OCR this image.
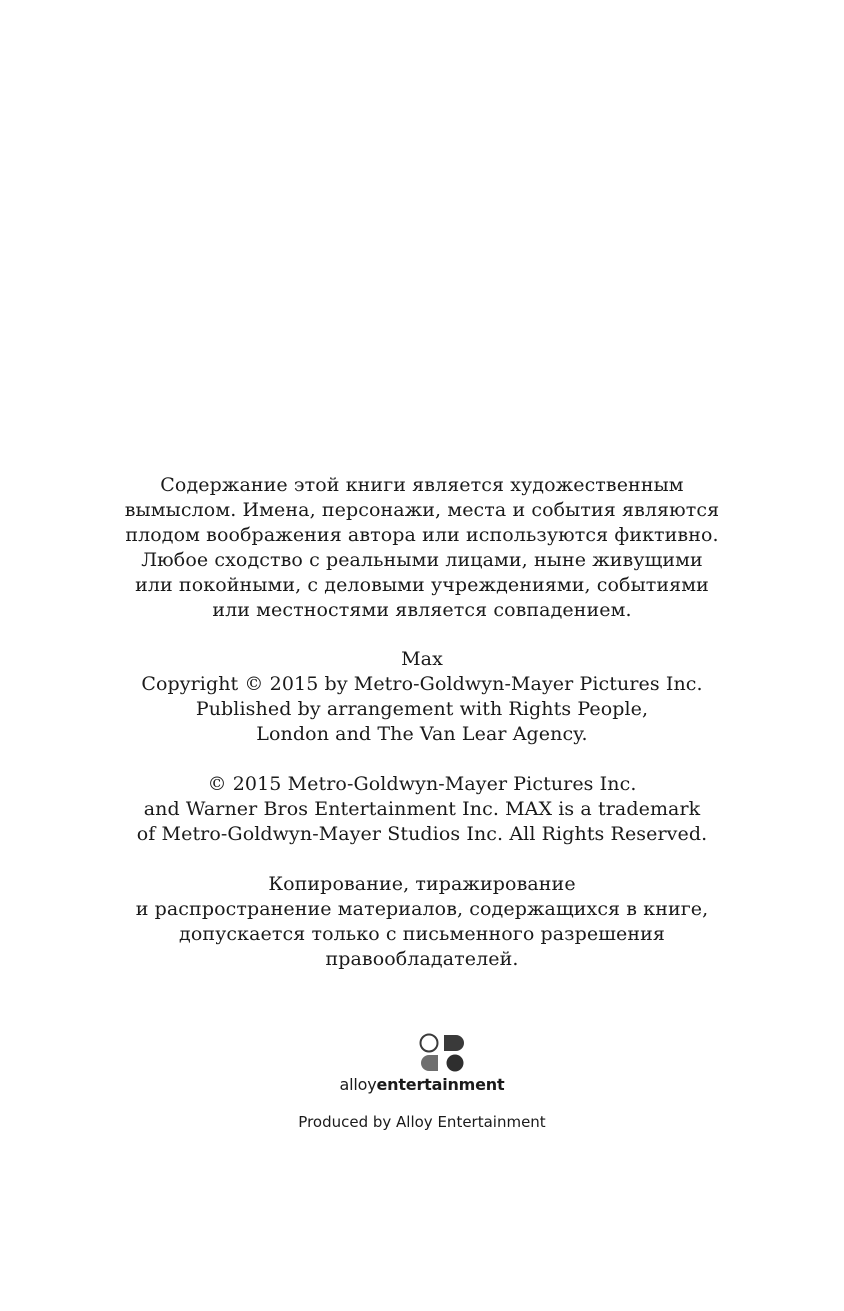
Содержание этой книги является художественным
вымыслом. Имена, персонажи, места и события являются
плодом воображения автора или используются фиктивно.
Любое сходство с реальными лицами, ныне живущими
или покойными, с деловыми учреждениями, событиями
или местностями является совпадением.
Max
Copyright © 2015 by Metro-Goldwyn-Mayer Pictures Inc.
Published by arrangement with Rights People,
London and The Van Lear Agency.
© 2015 Metro-Goldwyn-Mayer Pictures Inc.
and Warner Bros Entertainment Inc. MAX is a trademark
of Metro-Goldwyn-Mayer Studios Inc. All Rights Reserved.
Копирование, тиражирование
и распространение материалов, содержащихся в книге,
допускается только с письменного разрешения
правообладателей.
alloyentertainment
Produced by Alloy Entertainment
